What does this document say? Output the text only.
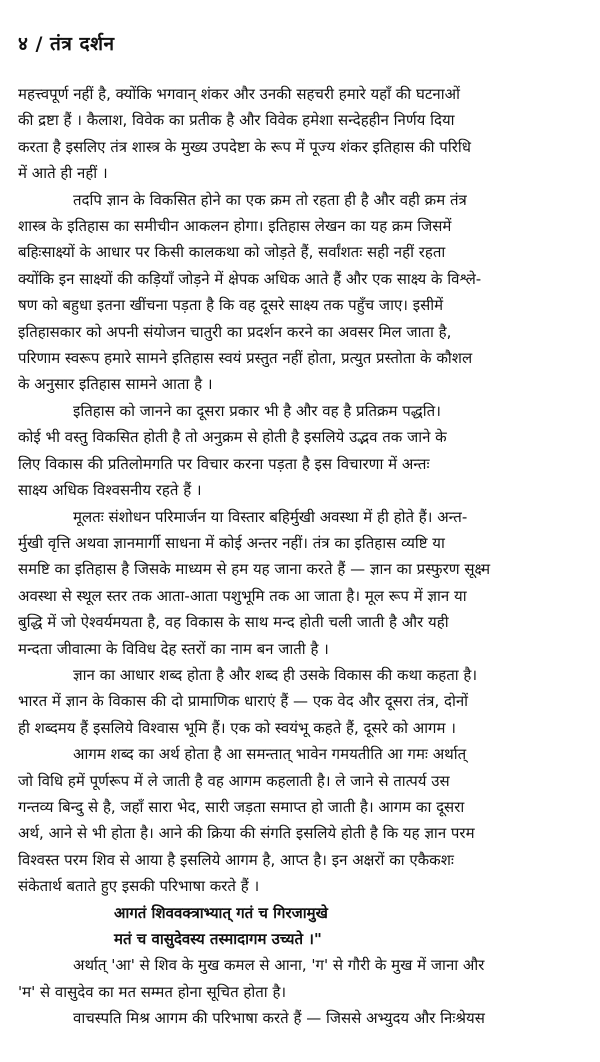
४ / तंत्र दर्शन

महत्त्वपूर्ण नहीं है, क्योंकि भगवान् शंकर और उनकी सहचरी हमारे यहाँ की घटनाओं
की द्रष्टा हैं । कैलाश, विवेक का प्रतीक है और विवेक हमेशा सन्देहहीन निर्णय दिया
करता है इसलिए तंत्र शास्त्र के मुख्य उपदेष्टा के रूप में पूज्य शंकर इतिहास की परिधि
में आते ही नहीं ।

तदपि ज्ञान के विकसित होने का एक क्रम तो रहता ही है और वही क्रम तंत्र
शास्त्र के इतिहास का समीचीन आकलन होगा। इतिहास लेखन का यह क्रम जिसमें
बहिःसाक्ष्यों के आधार पर किसी कालकथा को जोड़ते हैं, सर्वांशतः सही नहीं रहता
क्योंकि इन साक्ष्यों की कड़ियाँ जोड़ने में क्षेपक अधिक आते हैं और एक साक्ष्य के विश्ले-
षण को बहुधा इतना खींचना पड़ता है कि वह दूसरे साक्ष्य तक पहुँच जाए। इसीमें
इतिहासकार को अपनी संयोजन चातुरी का प्रदर्शन करने का अवसर मिल जाता है,
परिणाम स्वरूप हमारे सामने इतिहास स्वयं प्रस्तुत नहीं होता, प्रत्युत प्रस्तोता के कौशल
के अनुसार इतिहास सामने आता है ।

इतिहास को जानने का दूसरा प्रकार भी है और वह है प्रतिक्रम पद्धति।
कोई भी वस्तु विकसित होती है तो अनुक्रम से होती है इसलिये उद्भव तक जाने के
लिए विकास की प्रतिलोमगति पर विचार करना पड़ता है इस विचारणा में अन्तः
साक्ष्य अधिक विश्वसनीय रहते हैं ।

मूलतः संशोधन परिमार्जन या विस्तार बहिर्मुखी अवस्था में ही होते हैं। अन्त-
र्मुखी वृत्ति अथवा ज्ञानमार्गी साधना में कोई अन्तर नहीं। तंत्र का इतिहास व्यष्टि या
समष्टि का इतिहास है जिसके माध्यम से हम यह जाना करते हैं — ज्ञान का प्रस्फुरण सूक्ष्म
अवस्था से स्थूल स्तर तक आता-आता पशुभूमि तक आ जाता है। मूल रूप में ज्ञान या
बुद्धि में जो ऐश्वर्यमयता है, वह विकास के साथ मन्द होती चली जाती है और यही
मन्दता जीवात्मा के विविध देह स्तरों का नाम बन जाती है ।

ज्ञान का आधार शब्द होता है और शब्द ही उसके विकास की कथा कहता है।
भारत में ज्ञान के विकास की दो प्रामाणिक धाराएं हैं — एक वेद और दूसरा तंत्र, दोनों
ही शब्दमय हैं इसलिये विश्वास भूमि हैं। एक को स्वयंभू कहते हैं, दूसरे को आगम ।

आगम शब्द का अर्थ होता है आ समन्तात् भावेन गमयतीति आ गमः अर्थात्
जो विधि हमें पूर्णरूप में ले जाती है वह आगम कहलाती है। ले जाने से तात्पर्य उस
गन्तव्य बिन्दु से है, जहाँ सारा भेद, सारी जड़ता समाप्त हो जाती है। आगम का दूसरा
अर्थ, आने से भी होता है। आने की क्रिया की संगति इसलिये होती है कि यह ज्ञान परम
विश्वस्त परम शिव से आया है इसलिये आगम है, आप्त है। इन अक्षरों का एकैकशः
संकेतार्थ बताते हुए इसकी परिभाषा करते हैं ।

आगतं शिववक्त्राभ्यात् गतं च गिरजामुखे
मतं च वासुदेवस्य तस्मादागम उच्यते ।"

अर्थात् 'आ' से शिव के मुख कमल से आना, 'ग' से गौरी के मुख में जाना और
'म' से वासुदेव का मत सम्मत होना सूचित होता है।

वाचस्पति मिश्र आगम की परिभाषा करते हैं — जिससे अभ्युदय और निःश्रेयस
